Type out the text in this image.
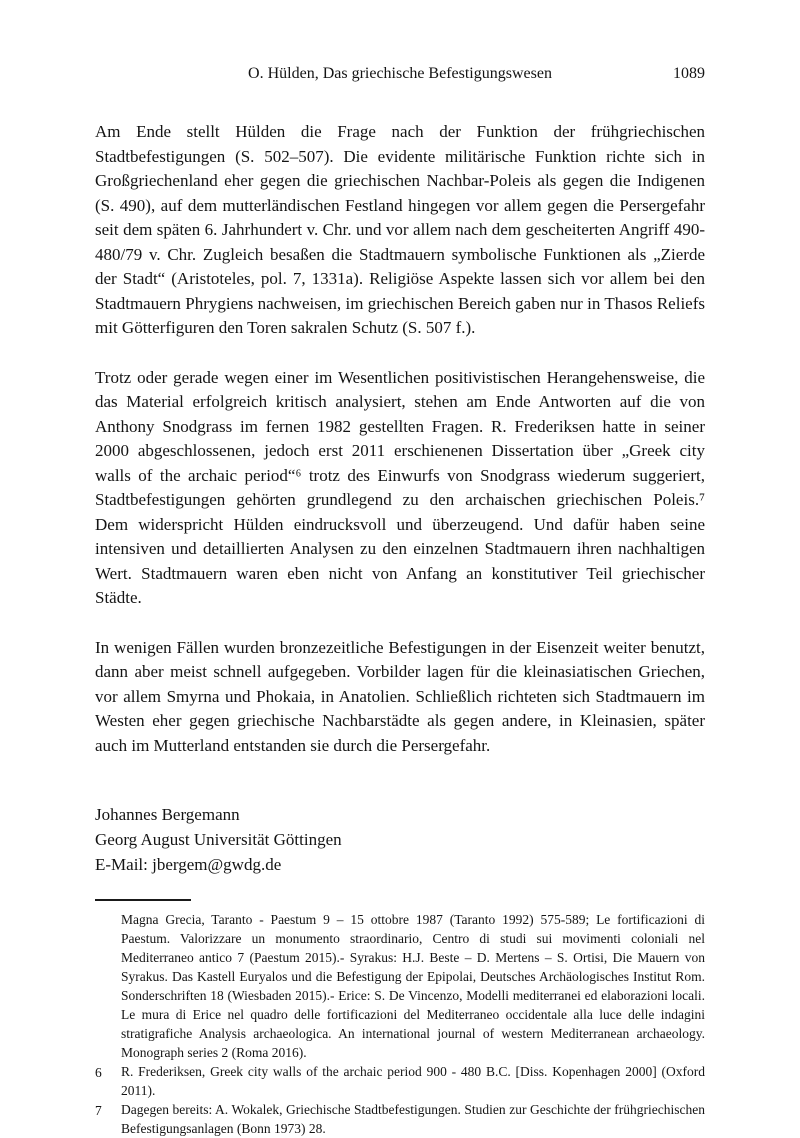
O. Hülden, Das griechische Befestigungswesen	1089

Am Ende stellt Hülden die Frage nach der Funktion der frühgriechischen Stadtbefestigungen (S. 502–507). Die evidente militärische Funktion richte sich in Großgriechenland eher gegen die griechischen Nachbar-Poleis als gegen die Indigenen (S. 490), auf dem mutterländischen Festland hingegen vor allem gegen die Persergefahr seit dem späten 6. Jahrhundert v. Chr. und vor allem nach dem gescheiterten Angriff 490-480/79 v. Chr. Zugleich besaßen die Stadtmauern symbolische Funktionen als „Zierde der Stadt“ (Aristoteles, pol. 7, 1331a). Religiöse Aspekte lassen sich vor allem bei den Stadtmauern Phrygiens nachweisen, im griechischen Bereich gaben nur in Thasos Reliefs mit Götterfiguren den Toren sakralen Schutz (S. 507 f.).

Trotz oder gerade wegen einer im Wesentlichen positivistischen Herangehensweise, die das Material erfolgreich kritisch analysiert, stehen am Ende Antworten auf die von Anthony Snodgrass im fernen 1982 gestellten Fragen. R. Frederiksen hatte in seiner 2000 abgeschlossenen, jedoch erst 2011 erschienenen Dissertation über „Greek city walls of the archaic period“⁶ trotz des Einwurfs von Snodgrass wiederum suggeriert, Stadtbefestigungen gehörten grundlegend zu den archaischen griechischen Poleis.⁷ Dem widerspricht Hülden eindrucksvoll und überzeugend. Und dafür haben seine intensiven und detaillierten Analysen zu den einzelnen Stadtmauern ihren nachhaltigen Wert. Stadtmauern waren eben nicht von Anfang an konstitutiver Teil griechischer Städte.

In wenigen Fällen wurden bronzezeitliche Befestigungen in der Eisenzeit weiter benutzt, dann aber meist schnell aufgegeben. Vorbilder lagen für die kleinasiatischen Griechen, vor allem Smyrna und Phokaia, in Anatolien. Schließlich richteten sich Stadtmauern im Westen eher gegen griechische Nachbarstädte als gegen andere, in Kleinasien, später auch im Mutterland entstanden sie durch die Persergefahr.

Johannes Bergemann
Georg August Universität Göttingen
E-Mail: jbergem@gwdg.de
Magna Grecia, Taranto - Paestum 9 – 15 ottobre 1987 (Taranto 1992) 575-589; Le fortificazioni di Paestum. Valorizzare un monumento straordinario, Centro di studi sui movimenti coloniali nel Mediterraneo antico 7 (Paestum 2015).- Syrakus: H.J. Beste – D. Mertens – S. Ortisi, Die Mauern von Syrakus. Das Kastell Euryalos und die Befestigung der Epipolai, Deutsches Archäologisches Institut Rom. Sonderschriften 18 (Wiesbaden 2015).- Erice: S. De Vincenzo, Modelli mediterranei ed elaborazioni locali. Le mura di Erice nel quadro delle fortificazioni del Mediterraneo occidentale alla luce delle indagini stratigrafiche Analysis archaeologica. An international journal of western Mediterranean archaeology. Monograph series 2 (Roma 2016).
6	R. Frederiksen, Greek city walls of the archaic period 900 - 480 B.C. [Diss. Kopenhagen 2000] (Oxford 2011).
7	Dagegen bereits: A. Wokalek, Griechische Stadtbefestigungen. Studien zur Geschichte der frühgriechischen Befestigungsanlagen (Bonn 1973) 28.
